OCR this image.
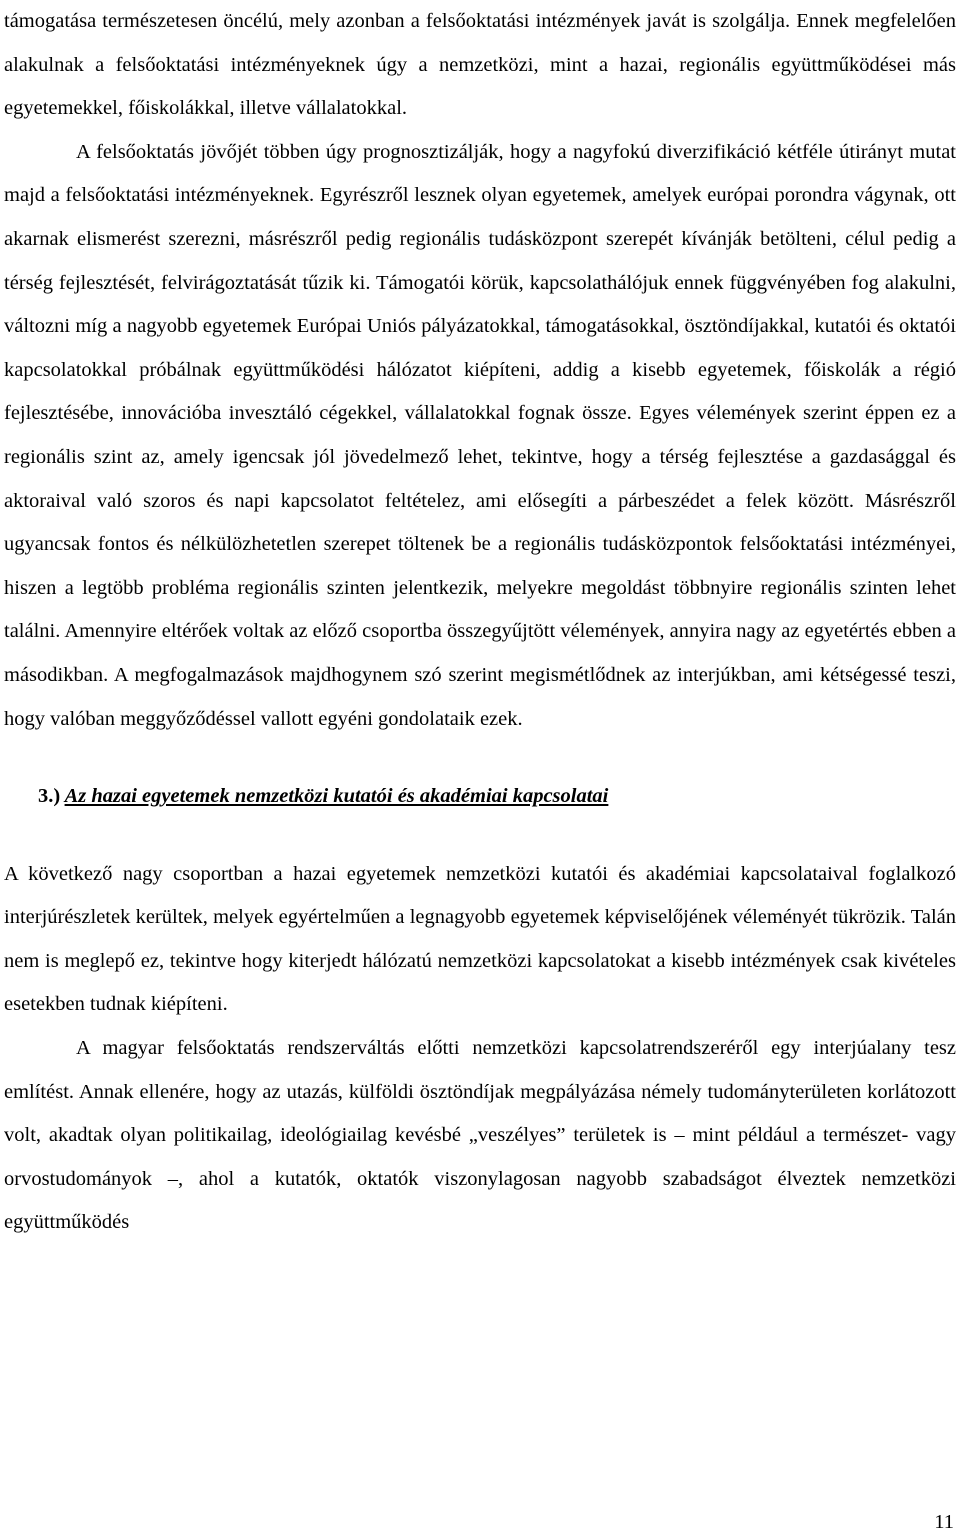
támogatása természetesen öncélú, mely azonban a felsőoktatási intézmények javát is szolgálja. Ennek megfelelően alakulnak a felsőoktatási intézményeknek úgy a nemzetközi, mint a hazai, regionális együttműködései más egyetemekkel, főiskolákkal, illetve vállalatokkal.

A felsőoktatás jövőjét többen úgy prognosztizálják, hogy a nagyfokú diverzifikáció kétféle útirányt mutat majd a felsőoktatási intézményeknek. Egyrészről lesznek olyan egyetemek, amelyek európai porondra vágynak, ott akarnak elismerést szerezni, másrészről pedig regionális tudásközpont szerepét kívánják betölteni, célul pedig a térség fejlesztését, felvirágoztatását tűzik ki. Támogatói körük, kapcsolathálójuk ennek függvényében fog alakulni, változni míg a nagyobb egyetemek Európai Uniós pályázatokkal, támogatásokkal, ösztöndíjakkal, kutatói és oktatói kapcsolatokkal próbálnak együttműködési hálózatot kiépíteni, addig a kisebb egyetemek, főiskolák a régió fejlesztésébe, innovációba invesztáló cégekkel, vállalatokkal fognak össze. Egyes vélemények szerint éppen ez a regionális szint az, amely igencsak jól jövedelmező lehet, tekintve, hogy a térség fejlesztése a gazdasággal és aktoraival való szoros és napi kapcsolatot feltételez, ami elősegíti a párbeszédet a felek között. Másrészről ugyancsak fontos és nélkülözhetetlen szerepet töltenek be a regionális tudásközpontok felsőoktatási intézményei, hiszen a legtöbb probléma regionális szinten jelentkezik, melyekre megoldást többnyire regionális szinten lehet találni. Amennyire eltérőek voltak az előző csoportba összegyűjtött vélemények, annyira nagy az egyetértés ebben a másodikban. A megfogalmazások majdhogynem szó szerint megismétlődnek az interjúkban, ami kétségessé teszi, hogy valóban meggyőződéssel vallott egyéni gondolataik ezek.

3.) Az hazai egyetemek nemzetközi kutatói és akadémiai kapcsolatai

A következő nagy csoportban a hazai egyetemek nemzetközi kutatói és akadémiai kapcsolataival foglalkozó interjúrészletek kerültek, melyek egyértelműen a legnagyobb egyetemek képviselőjének véleményét tükrözik. Talán nem is meglepő ez, tekintve hogy kiterjedt hálózatú nemzetközi kapcsolatokat a kisebb intézmények csak kivételes esetekben tudnak kiépíteni.

A magyar felsőoktatás rendszerváltás előtti nemzetközi kapcsolatrendszeréről egy interjúalany tesz említést. Annak ellenére, hogy az utazás, külföldi ösztöndíjak megpályázása némely tudományterületen korlátozott volt, akadtak olyan politikailag, ideológiailag kevésbé „veszélyes” területek is – mint például a természet- vagy orvostudományok –, ahol a kutatók, oktatók viszonylagosan nagyobb szabadságot élveztek nemzetközi együttműködés

11
